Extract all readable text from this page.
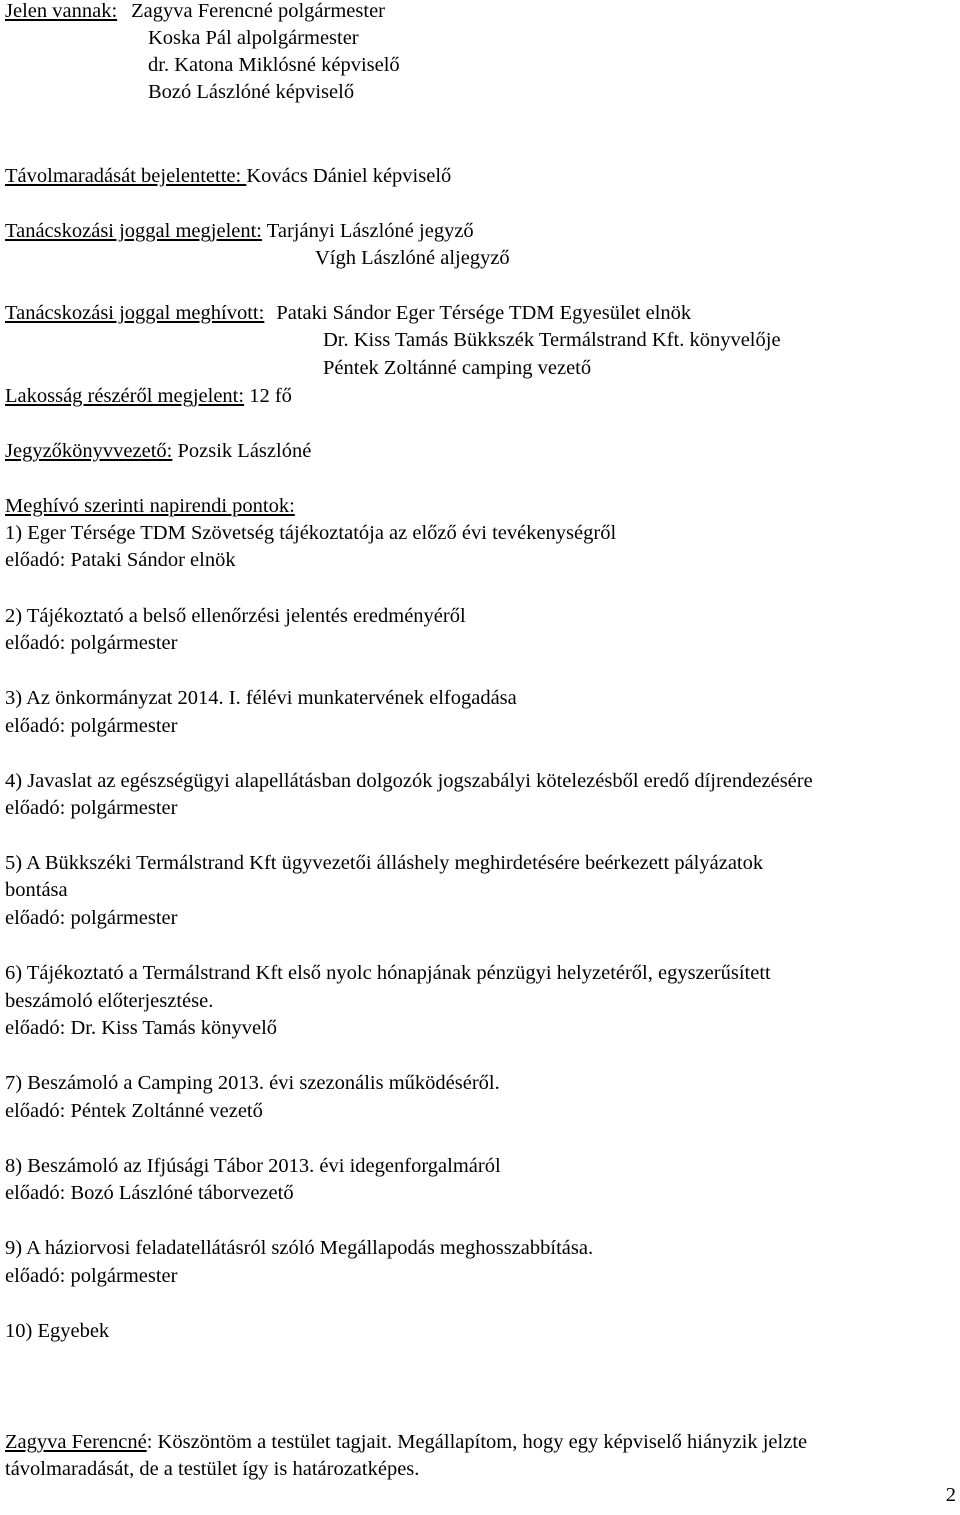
Jelen vannak: Zagyva Ferencné polgármester
Koska Pál alpolgármester
dr. Katona Miklósné képviselő
Bozó Lászlóné képviselő
Távolmaradását bejelentette: Kovács Dániel képviselő
Tanácskozási joggal megjelent: Tarjányi Lászlóné jegyző
Vígh Lászlóné aljegyző
Tanácskozási joggal meghívott: Pataki Sándor Eger Térsége TDM Egyesület elnök
Dr. Kiss Tamás Bükkszék Termálstrand Kft. könyvelője
Péntek Zoltánné camping vezető
Lakosság részéről megjelent: 12 fő
Jegyzőkönyvvezető: Pozsik Lászlóné
Meghívó szerinti napirendi pontok:
1) Eger Térsége TDM Szövetség tájékoztatója az előző évi tevékenységről
előadó: Pataki Sándor elnök
2) Tájékoztató a belső ellenőrzési jelentés eredményéről
előadó: polgármester
3) Az önkormányzat 2014. I. félévi munkatervének elfogadása
előadó: polgármester
4) Javaslat az egészségügyi alapellátásban dolgozók jogszabályi kötelezésből eredő díjrendezésére
előadó: polgármester
5) A Bükkszéki Termálstrand Kft ügyvezetői álláshely meghirdetésére beérkezett pályázatok
bontása
előadó: polgármester
6) Tájékoztató a Termálstrand Kft első nyolc hónapjának pénzügyi helyzetéről, egyszerűsített
beszámoló előterjesztése.
előadó: Dr. Kiss Tamás könyvelő
7) Beszámoló a Camping 2013. évi szezonális működéséről.
előadó: Péntek Zoltánné vezető
8) Beszámoló az Ifjúsági Tábor 2013. évi idegenforgalmáról
előadó: Bozó Lászlóné táborvezető
9) A háziorvosi feladatellátásról szóló Megállapodás meghosszabbítása.
előadó: polgármester
10) Egyebek
Zagyva Ferencné: Köszöntöm a testület tagjait. Megállapítom, hogy egy képviselő hiányzik jelzte
távolmaradását, de a testület így is határozatképes.
2
